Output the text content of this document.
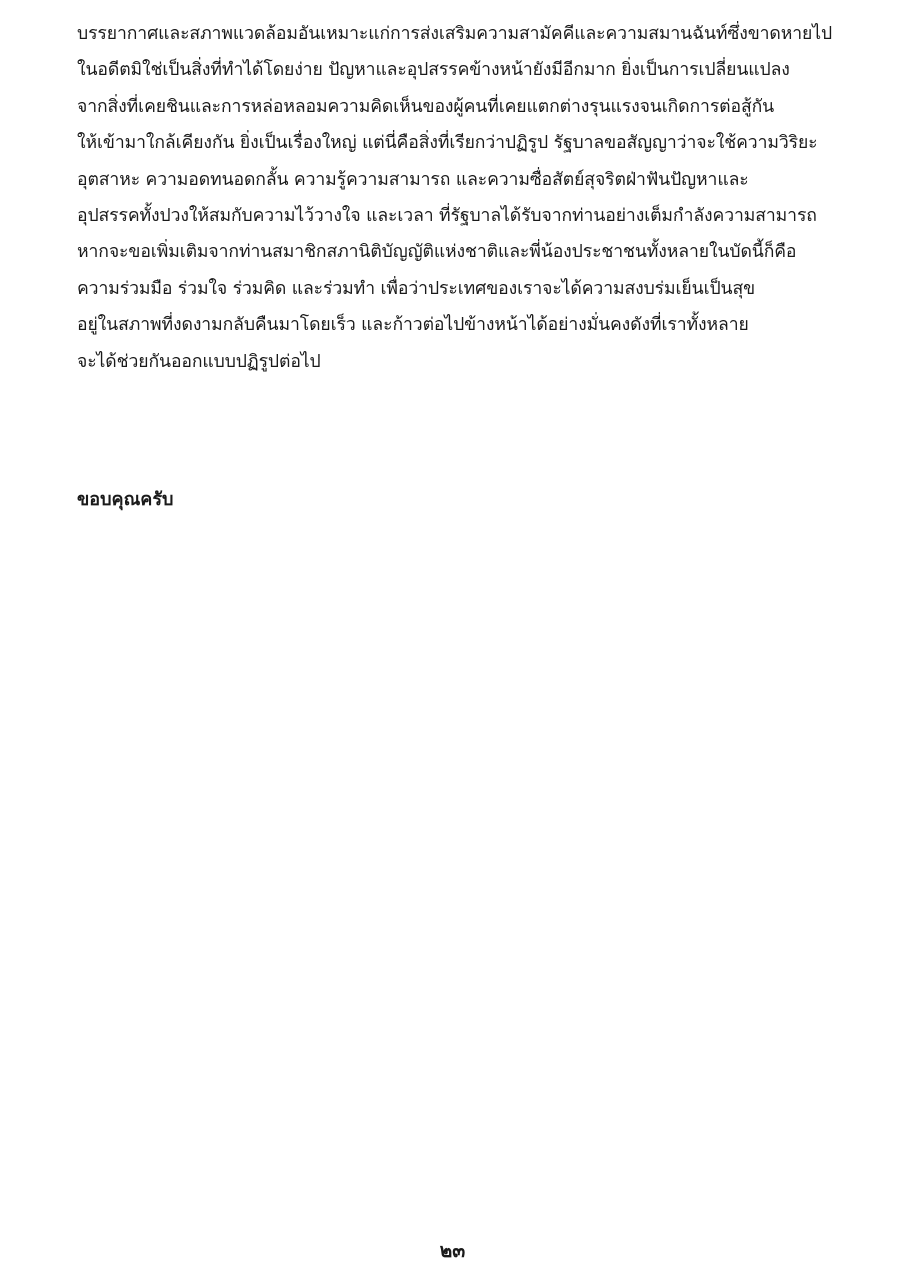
บรรยากาศและสภาพแวดล้อมอันเหมาะแก่การส่งเสริมความสามัคคีและความสมานฉันท์ซึ่งขาดหายไป
ในอดีตมิใช่เป็นสิ่งที่ทำได้โดยง่าย ปัญหาและอุปสรรคข้างหน้ายังมีอีกมาก ยิ่งเป็นการเปลี่ยนแปลง
จากสิ่งที่เคยชินและการหล่อหลอมความคิดเห็นของผู้คนที่เคยแตกต่างรุนแรงจนเกิดการต่อสู้กัน
ให้เข้ามาใกล้เคียงกัน ยิ่งเป็นเรื่องใหญ่ แต่นี่คือสิ่งที่เรียกว่าปฏิรูป รัฐบาลขอสัญญาว่าจะใช้ความวิริยะ
อุตสาหะ ความอดทนอดกลั้น ความรู้ความสามารถ และความซื่อสัตย์สุจริตฝ่าฟันปัญหาและ
อุปสรรคทั้งปวงให้สมกับความไว้วางใจ และเวลา ที่รัฐบาลได้รับจากท่านอย่างเต็มกำลังความสามารถ
หากจะขอเพิ่มเติมจากท่านสมาชิกสภานิติบัญญัติแห่งชาติและพี่น้องประชาชนทั้งหลายในบัดนี้ก็คือ
ความร่วมมือ ร่วมใจ ร่วมคิด และร่วมทำ เพื่อว่าประเทศของเราจะได้ความสงบร่มเย็นเป็นสุข
อยู่ในสภาพที่งดงามกลับคืนมาโดยเร็ว และก้าวต่อไปข้างหน้าได้อย่างมั่นคงดังที่เราทั้งหลาย
จะได้ช่วยกันออกแบบปฏิรูปต่อไป

ขอบคุณครับ

๒๓
